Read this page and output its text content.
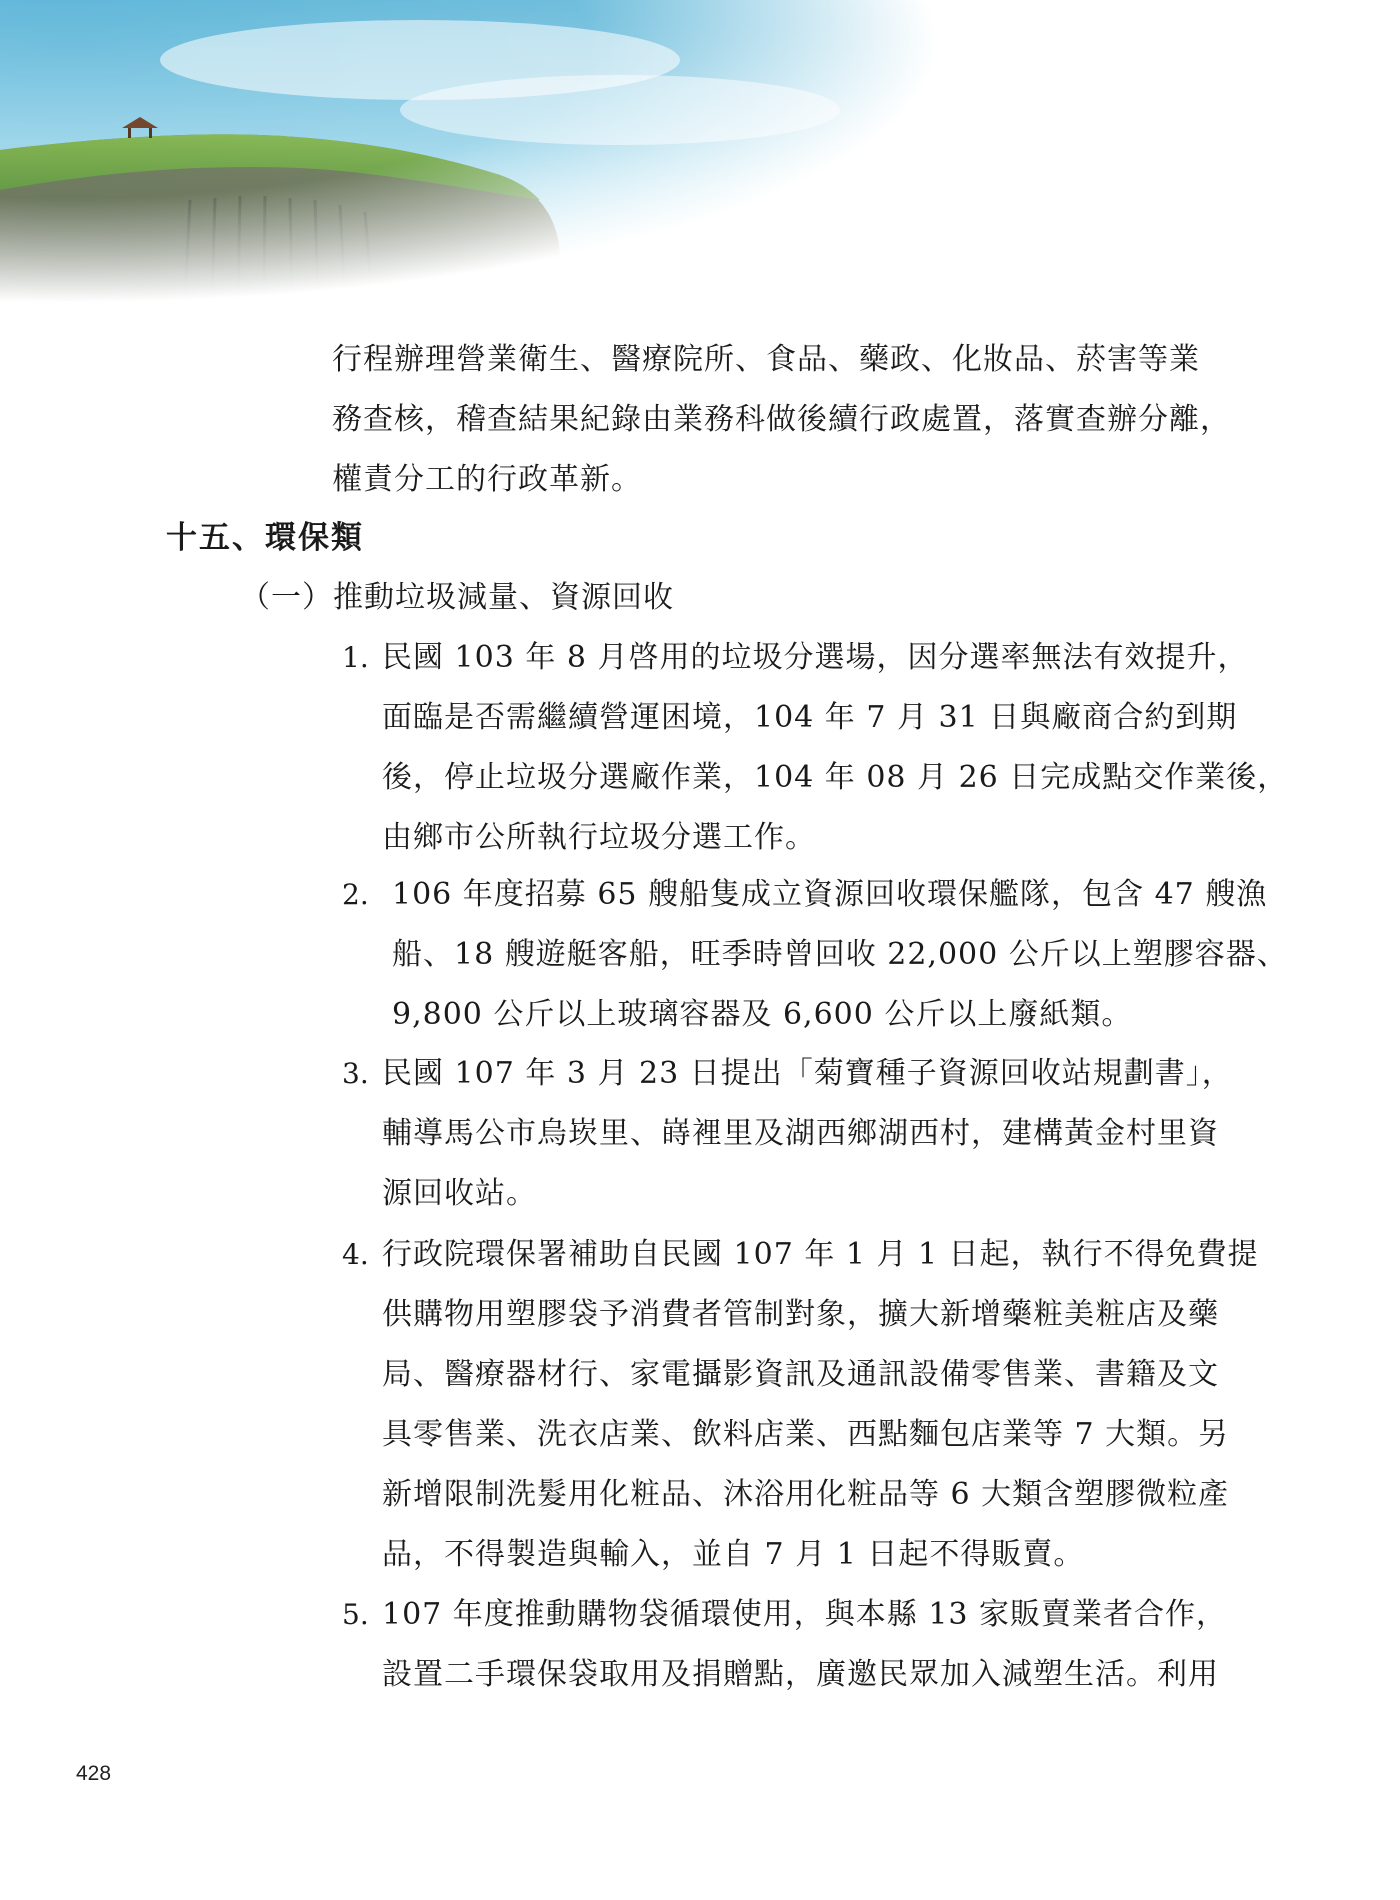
行程辦理營業衛生、醫療院所、食品、藥政、化妝品、菸害等業
務查核，稽查結果紀錄由業務科做後續行政處置，落實查辦分離，
權責分工的行政革新。
十五、環保類
（一）推動垃圾減量、資源回收
1. 民國 103 年 8 月啓用的垃圾分選場，因分選率無法有效提升，
面臨是否需繼續營運困境，104 年 7 月 31 日與廠商合約到期
後，停止垃圾分選廠作業，104 年 08 月 26 日完成點交作業後，
由鄉市公所執行垃圾分選工作。
2. 106 年度招募 65 艘船隻成立資源回收環保艦隊，包含 47 艘漁
船、18 艘遊艇客船，旺季時曾回收 22,000 公斤以上塑膠容器、
9,800 公斤以上玻璃容器及 6,600 公斤以上廢紙類。
3. 民國 107 年 3 月 23 日提出「菊寶種子資源回收站規劃書」，
輔導馬公市烏崁里、嵵裡里及湖西鄉湖西村，建構黃金村里資
源回收站。
4. 行政院環保署補助自民國 107 年 1 月 1 日起，執行不得免費提
供購物用塑膠袋予消費者管制對象，擴大新增藥粧美粧店及藥
局、醫療器材行、家電攝影資訊及通訊設備零售業、書籍及文
具零售業、洗衣店業、飲料店業、西點麵包店業等 7 大類。另
新增限制洗髮用化粧品、沐浴用化粧品等 6 大類含塑膠微粒產
品，不得製造與輸入，並自 7 月 1 日起不得販賣。
5. 107 年度推動購物袋循環使用，與本縣 13 家販賣業者合作，
設置二手環保袋取用及捐贈點，廣邀民眾加入減塑生活。利用
428
